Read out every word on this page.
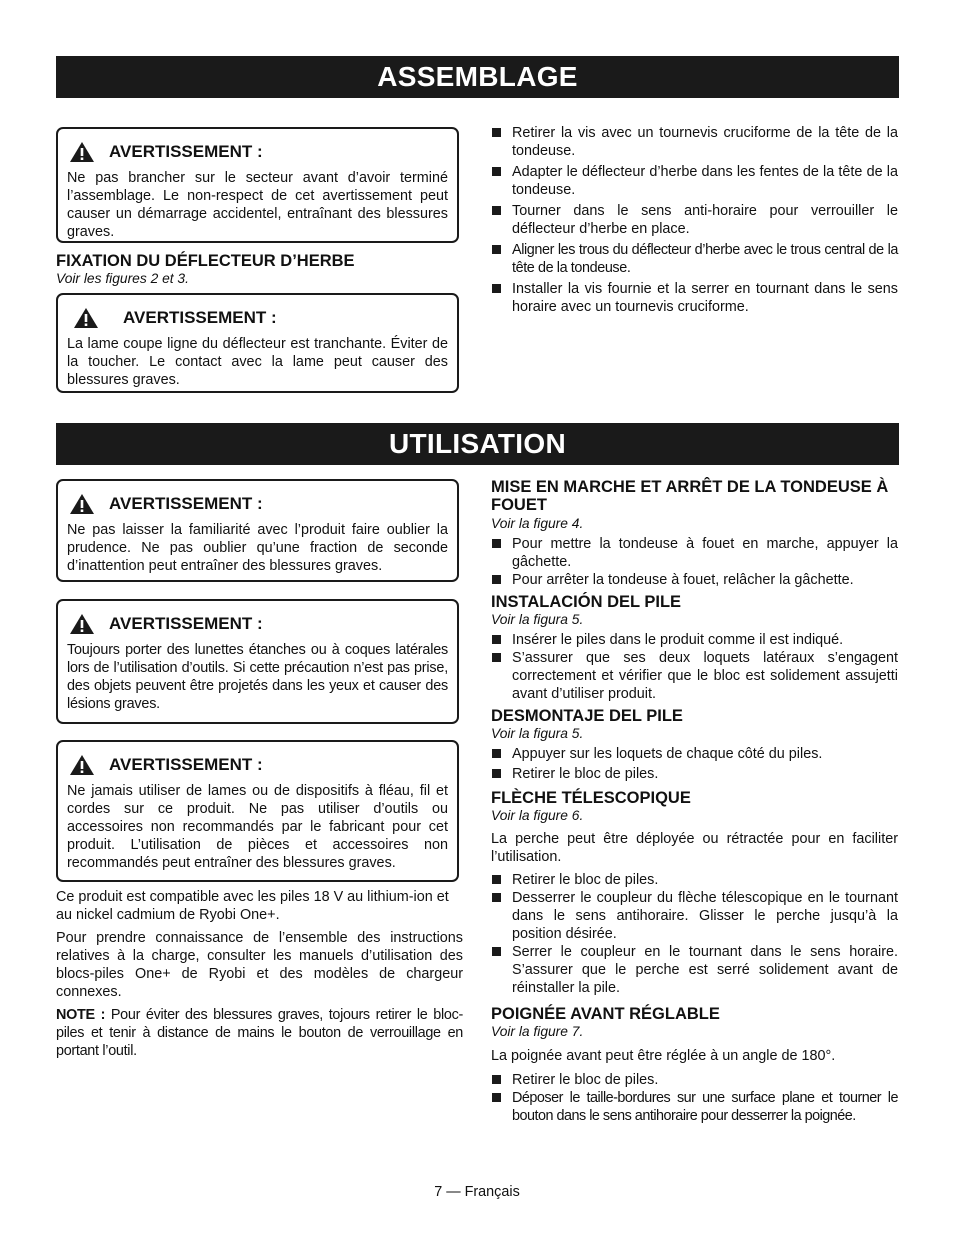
ASSEMBLAGE
AVERTISSEMENT :
Ne pas brancher sur le secteur avant d’avoir terminé l’assemblage. Le non-respect de cet avertissement peut causer un démarrage accidentel, entraînant des blessures graves.
FIXATION DU DÉFLECTEUR D’HERBE
Voir les figures 2 et 3.
AVERTISSEMENT :
La lame coupe ligne du déflecteur est tranchante. Éviter de la toucher. Le contact avec la lame peut causer des blessures graves.
Retirer la vis avec un tournevis cruciforme de la tête de la tondeuse.
Adapter le déflecteur d’herbe dans les fentes de la tête de la tondeuse.
Tourner dans le sens anti-horaire pour verrouiller le déflecteur d’herbe en place.
Aligner les trous du déflecteur d’herbe avec le trous central de la tête de la tondeuse.
Installer la vis fournie et la serrer en tournant dans le sens horaire avec un tournevis cruciforme.
UTILISATION
AVERTISSEMENT :
Ne pas laisser la familiarité avec l’produit faire oublier la prudence. Ne pas oublier qu’une fraction de seconde d’inattention peut entraîner des blessures graves.
AVERTISSEMENT :
Toujours porter des lunettes étanches ou à coques latérales lors de l’utilisation d’outils. Si cette précaution n’est pas prise, des objets peuvent être projetés dans les yeux et causer des lésions graves.
AVERTISSEMENT :
Ne jamais utiliser de lames ou de dispositifs à fléau, fil et cordes sur ce produit. Ne pas utiliser d’outils ou accessoires non recommandés par le fabricant pour cet produit. L’utilisation de pièces et accessoires non recommandés peut entraîner des blessures graves.
Ce produit est compatible avec les piles 18 V au lithium-ion et au nickel cadmium de Ryobi One+.
Pour prendre connaissance de l’ensemble des instructions relatives à la charge, consulter les manuels d’utilisation des blocs-piles One+ de Ryobi et des modèles de chargeur connexes.
NOTE : Pour éviter des blessures graves, tojours retirer le bloc-piles et tenir à distance de mains le bouton de verrouillage en portant l’outil.
MISE EN MARCHE ET ARRÊT DE LA TONDEUSE À FOUET
Voir la figure 4.
Pour mettre la tondeuse à fouet en marche, appuyer la gâchette.
Pour arrêter la tondeuse à fouet, relâcher la gâchette.
INSTALACIÓN DEL PILE
Voir la figura 5.
Insérer le piles dans le produit comme il est indiqué.
S’assurer que ses deux loquets latéraux s’engagent correctement et vérifier que le bloc est solidement assujetti avant d’utiliser produit.
DESMONTAJE DEL PILE
Voir la figura 5.
Appuyer sur les loquets de chaque côté du piles.
Retirer le bloc de piles.
FLÈCHE TÉLESCOPIQUE
Voir la figure 6.
La perche peut être déployée ou rétractée pour en faciliter l’utilisation.
Retirer le bloc de piles.
Desserrer le coupleur du flèche télescopique en le tournant dans le sens antihoraire. Glisser le perche jusqu’à la position désirée.
Serrer le coupleur en le tournant dans le sens horaire. S’assurer que le perche est serré solidement avant de réinstaller la pile.
POIGNÉE AVANT RÉGLABLE
Voir la figure 7.
La poignée avant peut être réglée à un angle de 180°.
Retirer le bloc de piles.
Déposer le taille-bordures sur une surface plane et tourner le bouton dans le sens antihoraire pour desserrer la poignée.
7 — Français
